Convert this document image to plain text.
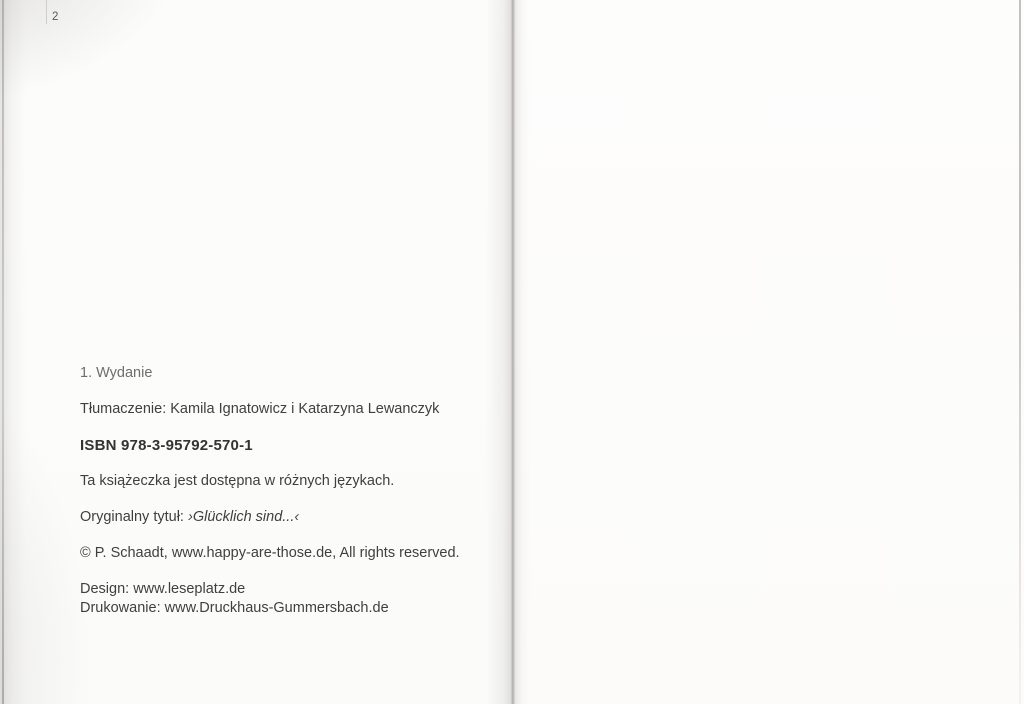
2

1. Wydanie

Tłumaczenie: Kamila Ignatowicz i Katarzyna Lewanczyk

ISBN 978-3-95792-570-1

Ta książeczka jest dostępna w różnych językach.

Oryginalny tytuł: ›Glücklich sind...‹

© P. Schaadt, www.happy-are-those.de, All rights reserved.

Design: www.leseplatz.de
Drukowanie: www.Druckhaus-Gummersbach.de
